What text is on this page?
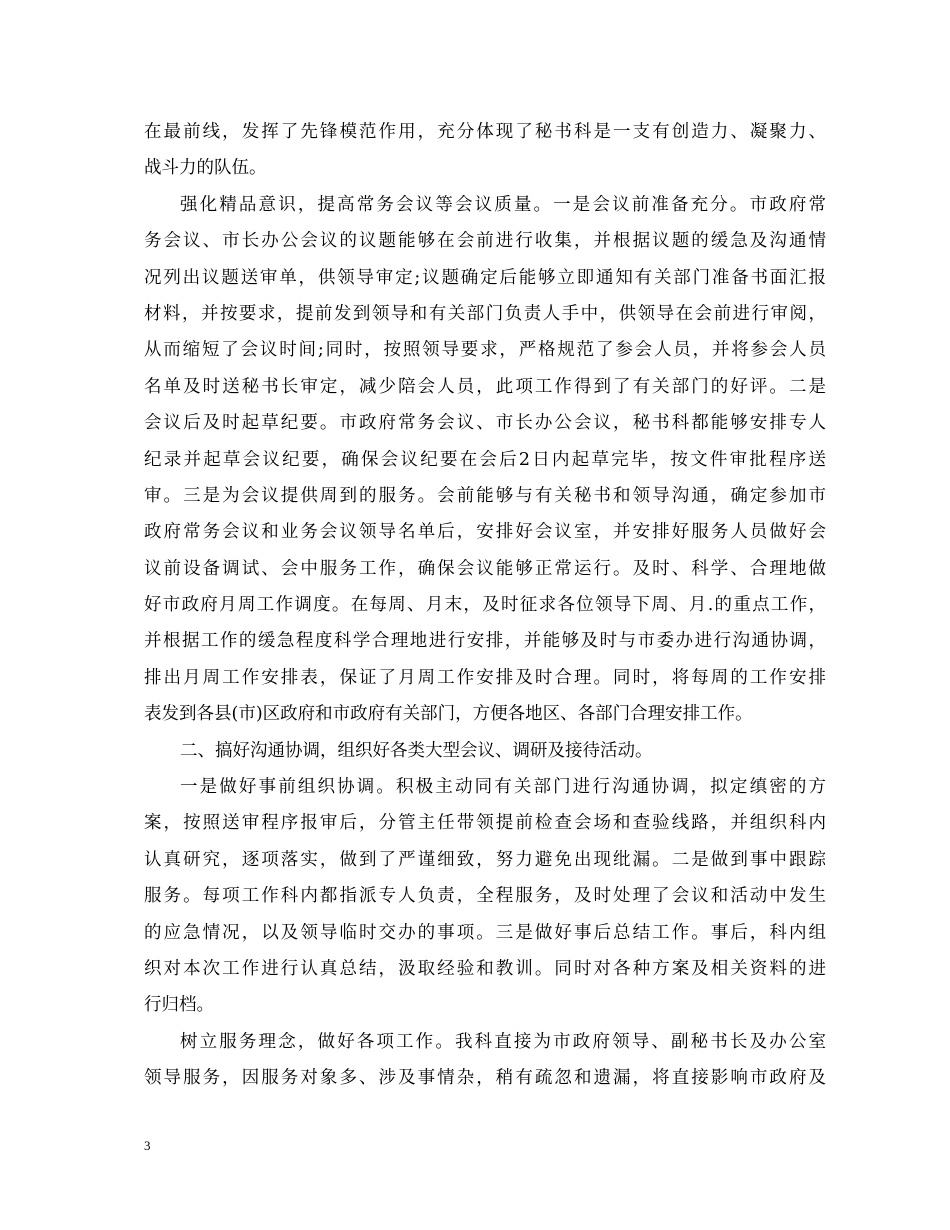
在最前线，发挥了先锋模范作用，充分体现了秘书科是一支有创造力、凝聚力、
战斗力的队伍。
强化精品意识，提高常务会议等会议质量。一是会议前准备充分。市政府常
务会议、市长办公会议的议题能够在会前进行收集，并根据议题的缓急及沟通情
况列出议题送审单，供领导审定;议题确定后能够立即通知有关部门准备书面汇报
材料，并按要求，提前发到领导和有关部门负责人手中，供领导在会前进行审阅，
从而缩短了会议时间;同时，按照领导要求，严格规范了参会人员，并将参会人员
名单及时送秘书长审定，减少陪会人员，此项工作得到了有关部门的好评。二是
会议后及时起草纪要。市政府常务会议、市长办公会议，秘书科都能够安排专人
纪录并起草会议纪要，确保会议纪要在会后2日内起草完毕，按文件审批程序送
审。三是为会议提供周到的服务。会前能够与有关秘书和领导沟通，确定参加市
政府常务会议和业务会议领导名单后，安排好会议室，并安排好服务人员做好会
议前设备调试、会中服务工作，确保会议能够正常运行。及时、科学、合理地做
好市政府月周工作调度。在每周、月末，及时征求各位领导下周、月.的重点工作，
并根据工作的缓急程度科学合理地进行安排，并能够及时与市委办进行沟通协调，
排出月周工作安排表，保证了月周工作安排及时合理。同时，将每周的工作安排
表发到各县(市)区政府和市政府有关部门，方便各地区、各部门合理安排工作。
二、搞好沟通协调，组织好各类大型会议、调研及接待活动。
一是做好事前组织协调。积极主动同有关部门进行沟通协调，拟定缜密的方
案，按照送审程序报审后，分管主任带领提前检查会场和查验线路，并组织科内
认真研究，逐项落实，做到了严谨细致，努力避免出现纰漏。二是做到事中跟踪
服务。每项工作科内都指派专人负责，全程服务，及时处理了会议和活动中发生
的应急情况，以及领导临时交办的事项。三是做好事后总结工作。事后，科内组
织对本次工作进行认真总结，汲取经验和教训。同时对各种方案及相关资料的进
行归档。
树立服务理念，做好各项工作。我科直接为市政府领导、副秘书长及办公室
领导服务，因服务对象多、涉及事情杂，稍有疏忽和遗漏，将直接影响市政府及
3
